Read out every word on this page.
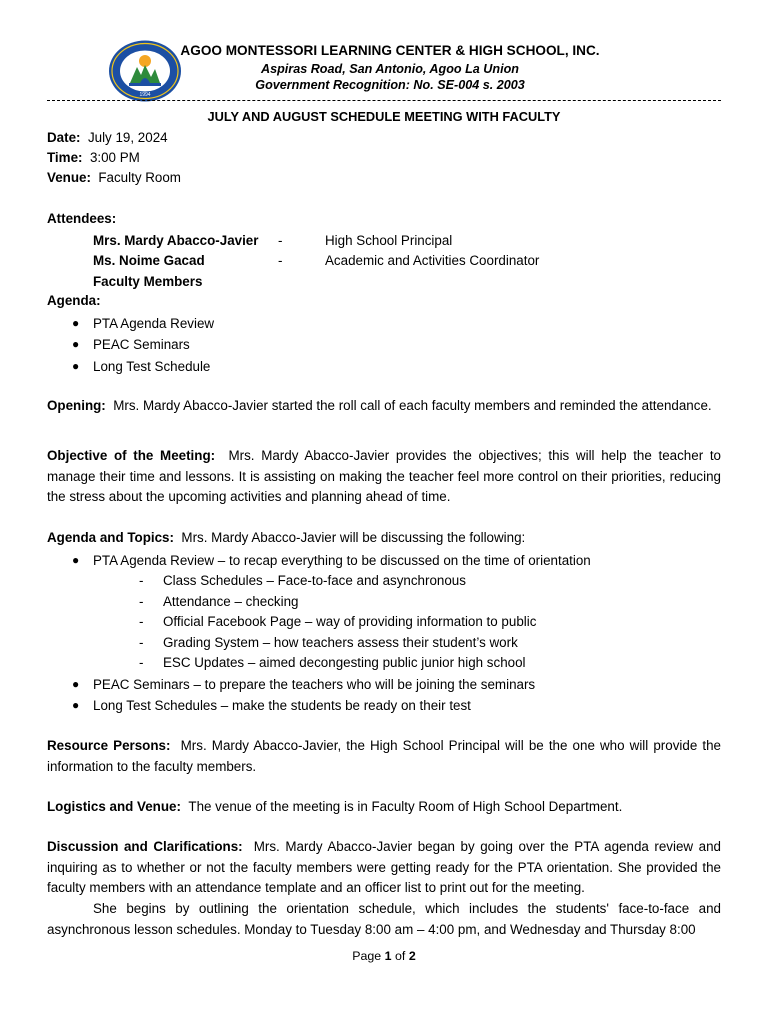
1994
AGOO MONTESSORI LEARNING CENTER & HIGH SCHOOL, INC.
Aspiras Road, San Antonio, Agoo La Union
Government Recognition: No. SE-004 s. 2003
JULY AND AUGUST SCHEDULE MEETING WITH FACULTY
Date: July 19, 2024
Time: 3:00 PM
Venue: Faculty Room
Attendees:
Mrs. Mardy Abacco-Javier -	High School Principal
Ms. Noime Gacad	-	Academic and Activities Coordinator
Faculty Members
Agenda:
● PTA Agenda Review
● PEAC Seminars
● Long Test Schedule
Opening: Mrs. Mardy Abacco-Javier started the roll call of each faculty members and reminded the attendance.
Objective of the Meeting: Mrs. Mardy Abacco-Javier provides the objectives; this will help the teacher to manage their time and lessons. It is assisting on making the teacher feel more control on their priorities, reducing the stress about the upcoming activities and planning ahead of time.
Agenda and Topics: Mrs. Mardy Abacco-Javier will be discussing the following:
● PTA Agenda Review – to recap everything to be discussed on the time of orientation
- Class Schedules – Face-to-face and asynchronous
- Attendance – checking
- Official Facebook Page – way of providing information to public
- Grading System – how teachers assess their student’s work
- ESC Updates – aimed decongesting public junior high school
● PEAC Seminars – to prepare the teachers who will be joining the seminars
● Long Test Schedules – make the students be ready on their test
Resource Persons: Mrs. Mardy Abacco-Javier, the High School Principal will be the one who will provide the information to the faculty members.
Logistics and Venue: The venue of the meeting is in Faculty Room of High School Department.
Discussion and Clarifications: Mrs. Mardy Abacco-Javier began by going over the PTA agenda review and inquiring as to whether or not the faculty members were getting ready for the PTA orientation. She provided the faculty members with an attendance template and an officer list to print out for the meeting.
She begins by outlining the orientation schedule, which includes the students' face-to-face and asynchronous lesson schedules. Monday to Tuesday 8:00 am – 4:00 pm, and Wednesday and Thursday 8:00
Page 1 of 2
